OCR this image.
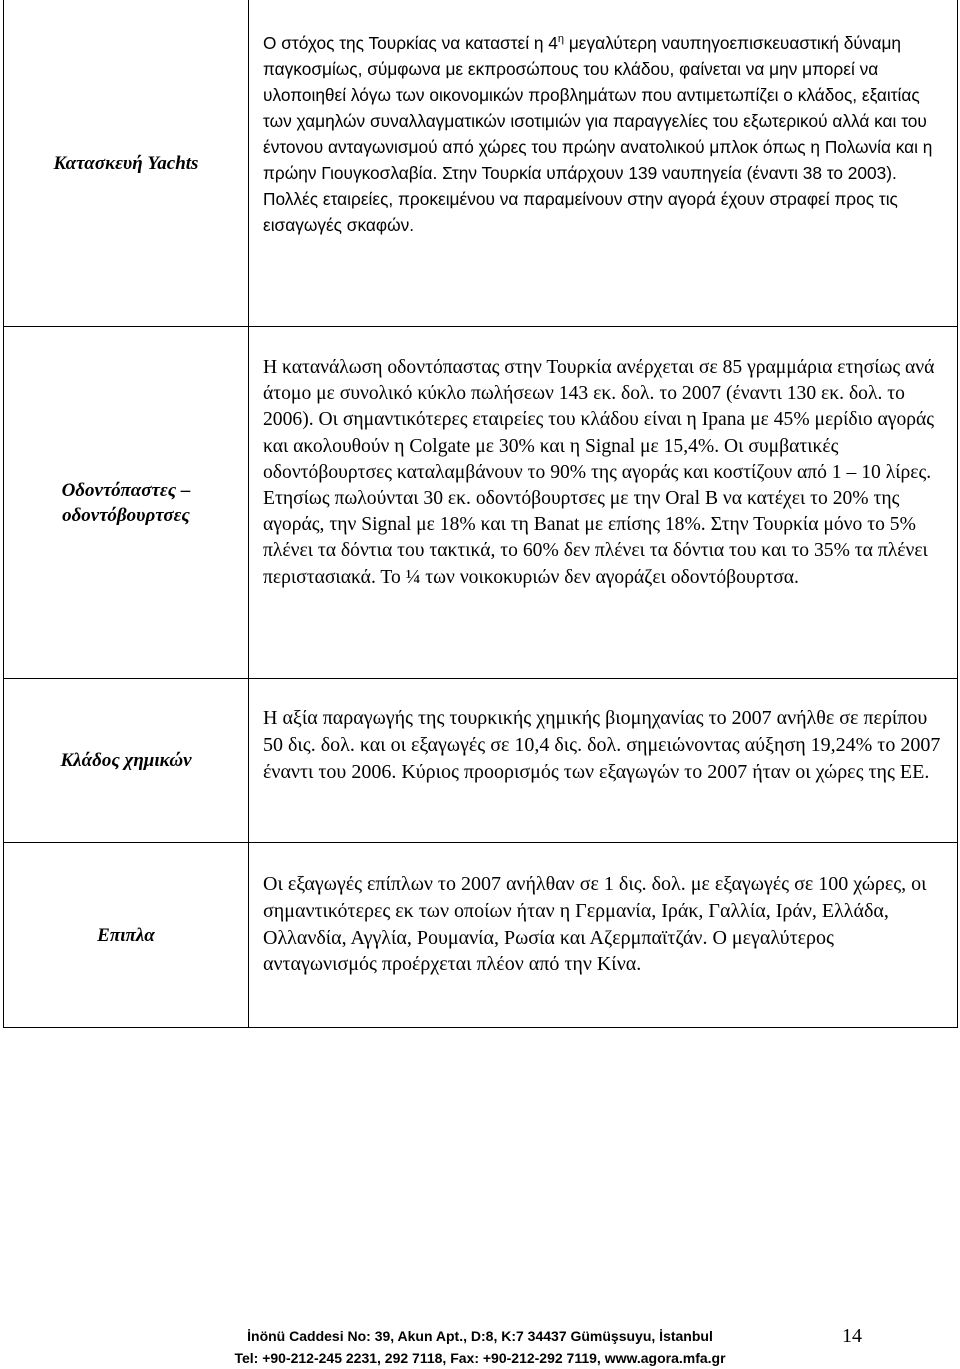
Κατασκευή Yachts
Ο στόχος της Τουρκίας να καταστεί η $4^\eta$ μεγαλύτερη ναυπηγοεπισκευαστική δύναμη παγκοσμίως, σύμφωνα με εκπροσώπους του κλάδου, φαίνεται να μην μπορεί να υλοποιηθεί λόγω των οικονομικών προβλημάτων που αντιμετωπίζει ο κλάδος, εξαιτίας των χαμηλών συναλλαγματικών ισοτιμιών για παραγγελίες του εξωτερικού αλλά και του έντονου ανταγωνισμού από χώρες του πρώην ανατολικού μπλοκ όπως η Πολωνία και η πρώην Γιουγκοσλαβία. Στην Τουρκία υπάρχουν 139 ναυπηγεία (έναντι 38 το 2003). Πολλές εταιρείες, προκειμένου να παραμείνουν στην αγορά έχουν στραφεί προς τις εισαγωγές σκαφών.
Οδοντόπαστες – οδοντόβουρτσες
Η κατανάλωση οδοντόπαστας στην Τουρκία ανέρχεται σε 85 γραμμάρια ετησίως ανά άτομο με συνολικό κύκλο πωλήσεων 143 εκ. δολ. το 2007 (έναντι 130 εκ. δολ. το 2006). Οι σημαντικότερες εταιρείες του κλάδου είναι η Ipana με 45% μερίδιο αγοράς και ακολουθούν η Colgate με 30% και η Signal με 15,4%. Οι συμβατικές οδοντόβουρτσες καταλαμβάνουν το 90% της αγοράς και κοστίζουν από 1 – 10 λίρες. Ετησίως πωλούνται 30 εκ. οδοντόβουρτσες με την Oral B να κατέχει το 20% της αγοράς, την Signal με 18% και τη Banat με επίσης 18%. Στην Τουρκία μόνο το 5% πλένει τα δόντια του τακτικά, το 60% δεν πλένει τα δόντια του και το 35% τα πλένει περιστασιακά. Το ¼ των νοικοκυριών δεν αγοράζει οδοντόβουρτσα.
Κλάδος χημικών
Η αξία παραγωγής της τουρκικής χημικής βιομηχανίας το 2007 ανήλθε σε περίπου 50 δις. δολ. και οι εξαγωγές σε 10,4 δις. δολ. σημειώνοντας αύξηση 19,24% το 2007 έναντι του 2006. Κύριος προορισμός των εξαγωγών το 2007 ήταν οι χώρες της ΕΕ.
Επιπλα
Οι εξαγωγές επίπλων το 2007 ανήλθαν σε 1 δις. δολ. με εξαγωγές σε 100 χώρες, οι σημαντικότερες εκ των οποίων ήταν η Γερμανία, Ιράκ, Γαλλία, Ιράν, Ελλάδα, Ολλανδία, Αγγλία, Ρουμανία, Ρωσία και Αζερμπαϊτζάν. Ο μεγαλύτερος ανταγωνισμός προέρχεται πλέον από την Κίνα.
İnönü Caddesi No: 39, Akun Apt., D:8, K:7 34437 Gümüşsuyu, İstanbul
Tel: +90-212-245 2231, 292 7118, Fax: +90-212-292 7119, www.agora.mfa.gr
14
